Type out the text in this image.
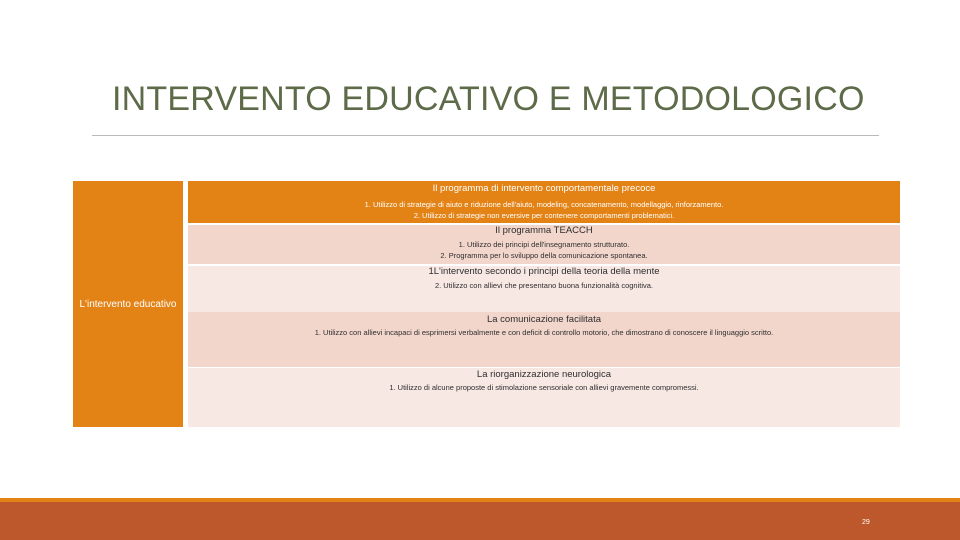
INTERVENTO EDUCATIVO E METODOLOGICO
L'intervento educativo
Il programma di intervento comportamentale precoce
1. Utilizzo di strategie di aiuto e riduzione dell'aiuto, modeling, concatenamento, modellaggio, rinforzamento.
2. Utilizzo di strategie non eversive per contenere comportamenti problematici.
Il programma TEACCH
1. Utilizzo dei principi dell'insegnamento strutturato.
2. Programma per lo sviluppo della comunicazione spontanea.
1L'intervento secondo i principi della teoria della mente
2. Utilizzo con allievi che presentano buona funzionalità cognitiva.
La comunicazione facilitata
1. Utilizzo con allievi incapaci di esprimersi verbalmente e con deficit di controllo motorio, che dimostrano di conoscere il linguaggio scritto.
La riorganizzazione neurologica
1. Utilizzo di alcune proposte di stimolazione sensoriale con allievi gravemente compromessi.
29
